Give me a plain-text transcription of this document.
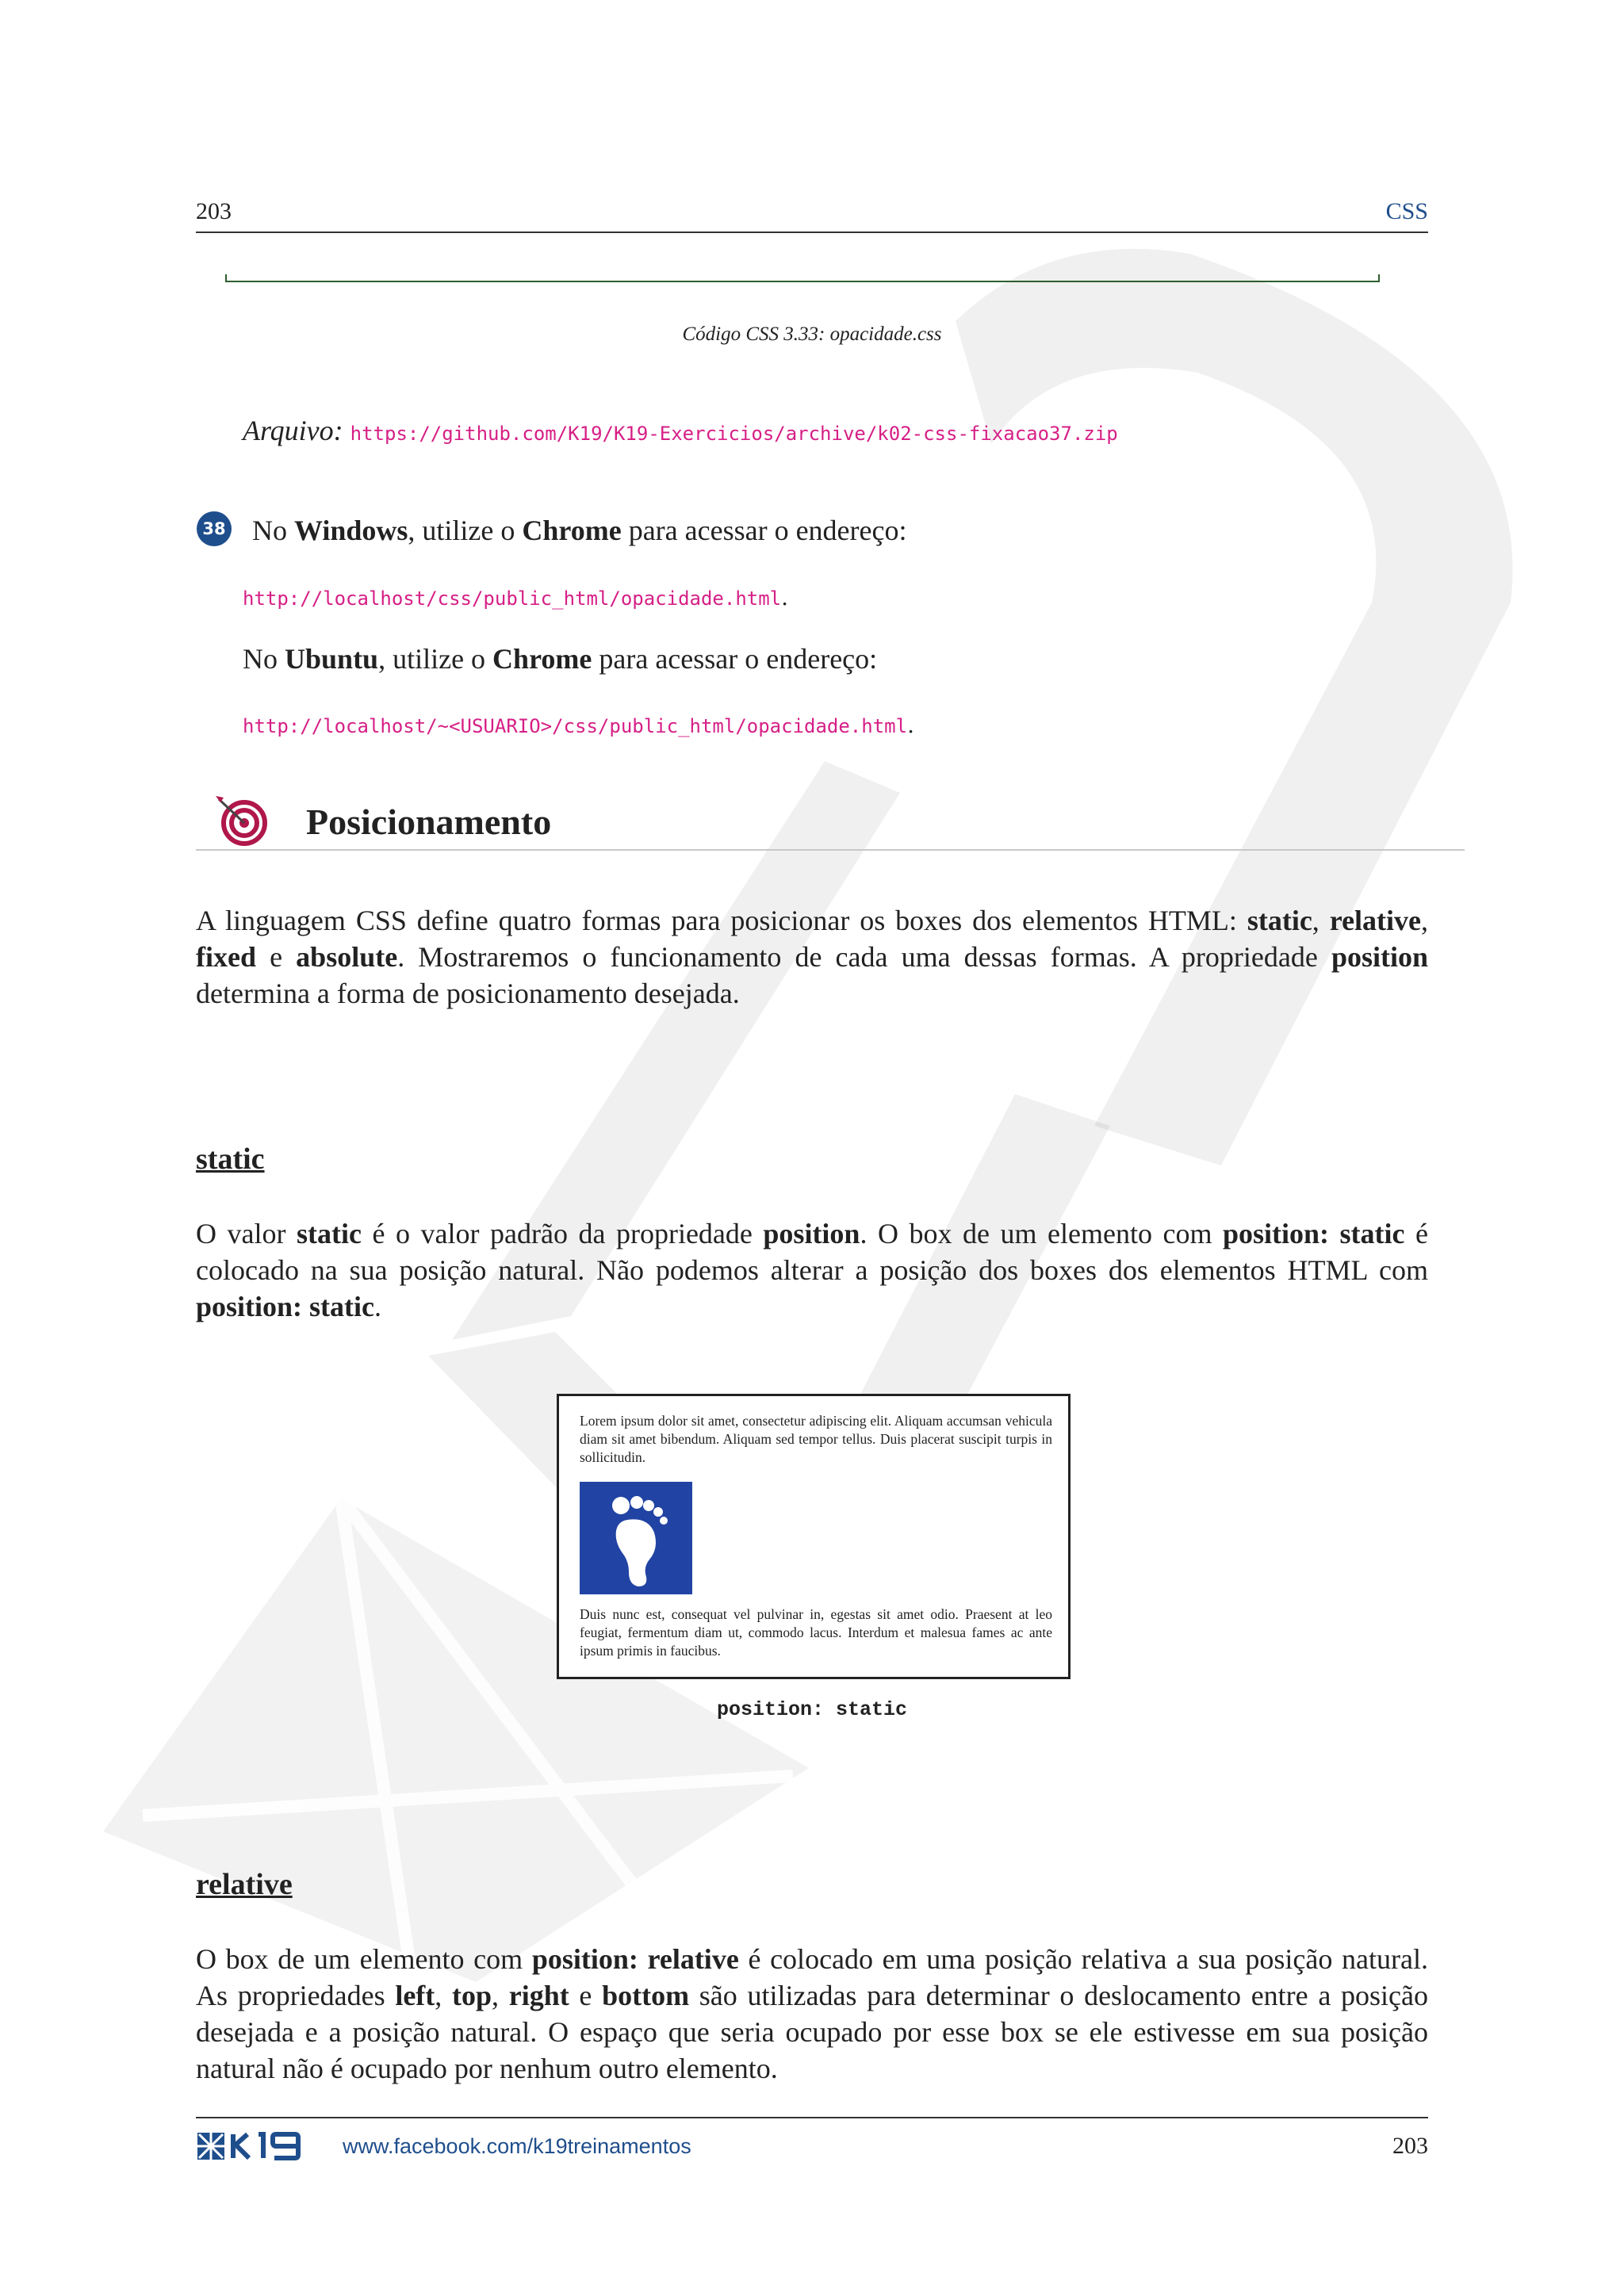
203	CSS
Código CSS 3.33: opacidade.css
Arquivo: https://github.com/K19/K19-Exercicios/archive/k02-css-fixacao37.zip
38 No Windows, utilize o Chrome para acessar o endereço:
http://localhost/css/public_html/opacidade.html.
No Ubuntu, utilize o Chrome para acessar o endereço:
http://localhost/~<USUARIO>/css/public_html/opacidade.html.
Posicionamento
A linguagem CSS define quatro formas para posicionar os boxes dos elementos HTML: static, relative, fixed e absolute. Mostraremos o funcionamento de cada uma dessas formas. A propriedade position determina a forma de posicionamento desejada.
static
O valor static é o valor padrão da propriedade position. O box de um elemento com position: static é colocado na sua posição natural. Não podemos alterar a posição dos boxes dos elementos HTML com position: static.
Lorem ipsum dolor sit amet, consectetur adipiscing elit. Aliquam accumsan vehicula diam sit amet bibendum. Aliquam sed tempor tellus. Duis placerat suscipit turpis in sollicitudin.
Duis nunc est, consequat vel pulvinar in, egestas sit amet odio. Praesent at leo feugiat, fermentum diam ut, commodo lacus. Interdum et malesua fames ac ante ipsum primis in faucibus.
position: static
relative
O box de um elemento com position: relative é colocado em uma posição relativa a sua posição natural. As propriedades left, top, right e bottom são utilizadas para determinar o deslocamento entre a posição desejada e a posição natural. O espaço que seria ocupado por esse box se ele estivesse em sua posição natural não é ocupado por nenhum outro elemento.
www.facebook.com/k19treinamentos	203
